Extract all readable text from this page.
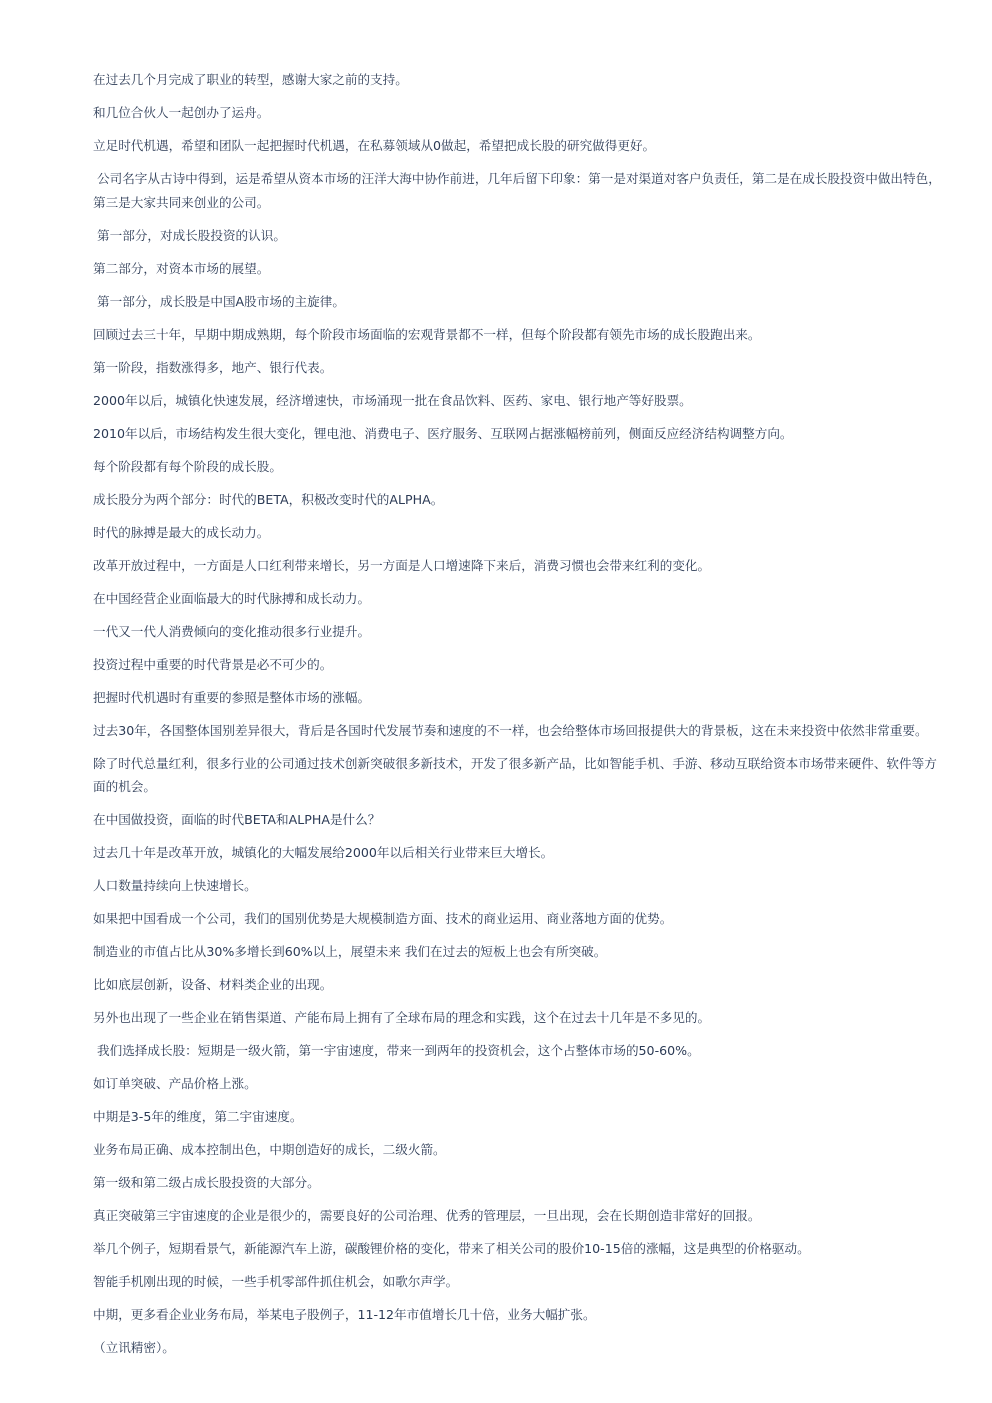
在过去几个月完成了职业的转型，感谢大家之前的支持。

和几位合伙人一起创办了运舟。

立足时代机遇，希望和团队一起把握时代机遇，在私募领域从0做起，希望把成长股的研究做得更好。

公司名字从古诗中得到，运是希望从资本市场的汪洋大海中协作前进，几年后留下印象：第一是对渠道对客户负责任，第二是在成长股投资中做出特色，第三是大家共同来创业的公司。

第一部分，对成长股投资的认识。

第二部分，对资本市场的展望。

第一部分，成长股是中国A股市场的主旋律。

回顾过去三十年，早期中期成熟期，每个阶段市场面临的宏观背景都不一样，但每个阶段都有领先市场的成长股跑出来。

第一阶段，指数涨得多，地产、银行代表。

2000年以后，城镇化快速发展，经济增速快，市场涌现一批在食品饮料、医药、家电、银行地产等好股票。

2010年以后，市场结构发生很大变化，锂电池、消费电子、医疗服务、互联网占据涨幅榜前列，侧面反应经济结构调整方向。

每个阶段都有每个阶段的成长股。

成长股分为两个部分：时代的BETA，积极改变时代的ALPHA。

时代的脉搏是最大的成长动力。

改革开放过程中，一方面是人口红利带来增长，另一方面是人口增速降下来后，消费习惯也会带来红利的变化。

在中国经营企业面临最大的时代脉搏和成长动力。

一代又一代人消费倾向的变化推动很多行业提升。

投资过程中重要的时代背景是必不可少的。

把握时代机遇时有重要的参照是整体市场的涨幅。

过去30年，各国整体国别差异很大，背后是各国时代发展节奏和速度的不一样，也会给整体市场回报提供大的背景板，这在未来投资中依然非常重要。

除了时代总量红利，很多行业的公司通过技术创新突破很多新技术，开发了很多新产品，比如智能手机、手游、移动互联给资本市场带来硬件、软件等方面的机会。

在中国做投资，面临的时代BETA和ALPHA是什么？

过去几十年是改革开放，城镇化的大幅发展给2000年以后相关行业带来巨大增长。

人口数量持续向上快速增长。

如果把中国看成一个公司，我们的国别优势是大规模制造方面、技术的商业运用、商业落地方面的优势。

制造业的市值占比从30%多增长到60%以上，展望未来 我们在过去的短板上也会有所突破。

比如底层创新，设备、材料类企业的出现。

另外也出现了一些企业在销售渠道、产能布局上拥有了全球布局的理念和实践，这个在过去十几年是不多见的。

我们选择成长股：短期是一级火箭，第一宇宙速度，带来一到两年的投资机会，这个占整体市场的50-60%。

如订单突破、产品价格上涨。

中期是3-5年的维度，第二宇宙速度。

业务布局正确、成本控制出色，中期创造好的成长，二级火箭。

第一级和第二级占成长股投资的大部分。

真正突破第三宇宙速度的企业是很少的，需要良好的公司治理、优秀的管理层，一旦出现，会在长期创造非常好的回报。

举几个例子，短期看景气，新能源汽车上游，碳酸锂价格的变化，带来了相关公司的股价10-15倍的涨幅，这是典型的价格驱动。

智能手机刚出现的时候，一些手机零部件抓住机会，如歌尔声学。

中期，更多看企业业务布局，举某电子股例子，11-12年市值增长几十倍，业务大幅扩张。

（立讯精密）。
